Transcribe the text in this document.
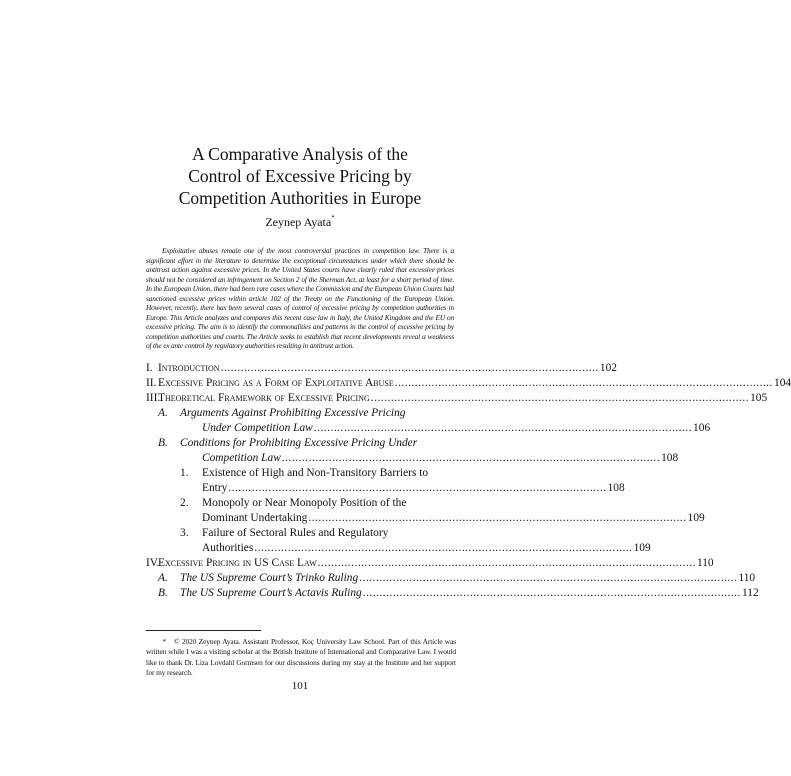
A Comparative Analysis of the
Control of Excessive Pricing by
Competition Authorities in Europe
Zeynep Ayata*
Exploitative abuses remain one of the most controversial practices in competition law. There is a significant effort in the literature to determine the exceptional circumstances under which there should be antitrust action against excessive prices. In the United States courts have clearly ruled that excessive prices should not be considered an infringement on Section 2 of the Sherman Act, at least for a short period of time. In the European Union, there had been rare cases where the Commission and the European Union Courts had sanctioned excessive prices within article 102 of the Treaty on the Functioning of the European Union. However, recently, there has been several cases of control of excessive pricing by competition authorities in Europe. This Article analyzes and compares this recent case law in Italy, the United Kingdom and the EU on excessive pricing. The aim is to identify the commonalities and patterns in the control of excessive pricing by competition authorities and courts. The Article seeks to establish that recent developments reveal a weakness of the ex ante control by regulatory authorities resulting in antitrust action.
I. Introduction ................................................................................................................. 102
II. Excessive Pricing as a Form of Exploitative Abuse ................................................................................................................. 104
III.
Theoretical Framework of Excessive Pricing ................................................................................................................. 105
A. Arguments Against Prohibiting Excessive Pricing
Under Competition Law ................................................................................................................. 106
B. Conditions for Prohibiting Excessive Pricing Under
Competition Law ................................................................................................................. 108
1. Existence of High and Non-Transitory Barriers to
Entry ................................................................................................................. 108
2. Monopoly or Near Monopoly Position of the
Dominant Undertaking ................................................................................................................. 109
3. Failure of Sectoral Rules and Regulatory
Authorities ................................................................................................................. 109
IV.
Excessive Pricing in US Case Law ................................................................................................................. 110
A. The US Supreme Court’s Trinko Ruling ................................................................................................................. 110
B. The US Supreme Court’s Actavis Ruling ................................................................................................................. 112
* © 2020 Zeynep Ayata. Assistant Professor, Koç University Law School. Part of this Article was written while I was a visiting scholar at the British Institute of International and Comparative Law. I would like to thank Dr. Liza Lovdahl Gormsen for our discussions during my stay at the Institute and her support for my research.
101
